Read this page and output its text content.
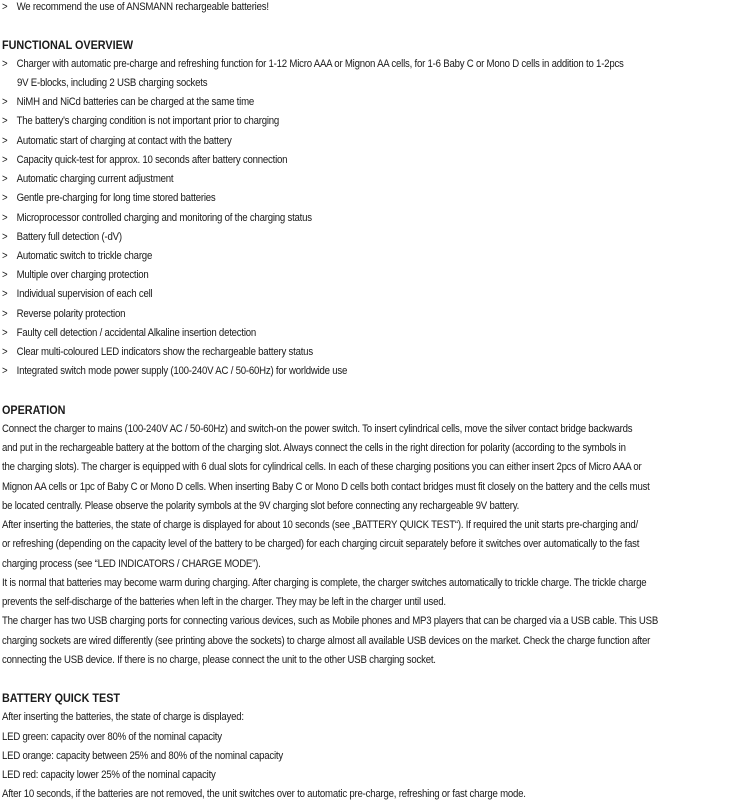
> We recommend the use of ANSMANN rechargeable batteries!
FUNCTIONAL OVERVIEW
> Charger with automatic pre-charge and refreshing function for 1-12 Micro AAA or Mignon AA cells, for 1-6 Baby C or Mono D cells in addition to 1-2pcs
9V E-blocks, including 2 USB charging sockets
> NiMH and NiCd batteries can be charged at the same time
> The battery’s charging condition is not important prior to charging
> Automatic start of charging at contact with the battery
> Capacity quick-test for approx. 10 seconds after battery connection
> Automatic charging current adjustment
> Gentle pre-charging for long time stored batteries
> Microprocessor controlled charging and monitoring of the charging status
> Battery full detection (-dV)
> Automatic switch to trickle charge
> Multiple over charging protection
> Individual supervision of each cell
> Reverse polarity protection
> Faulty cell detection / accidental Alkaline insertion detection
> Clear multi-coloured LED indicators show the rechargeable battery status
> Integrated switch mode power supply (100-240V AC / 50-60Hz) for worldwide use
OPERATION
Connect the charger to mains (100-240V AC / 50-60Hz) and switch-on the power switch. To insert cylindrical cells, move the silver contact bridge backwards
and put in the rechargeable battery at the bottom of the charging slot. Always connect the cells in the right direction for polarity (according to the symbols in
the charging slots). The charger is equipped with 6 dual slots for cylindrical cells. In each of these charging positions you can either insert 2pcs of Micro AAA or
Mignon AA cells or 1pc of Baby C or Mono D cells. When inserting Baby C or Mono D cells both contact bridges must fit closely on the battery and the cells must
be located centrally. Please observe the polarity symbols at the 9V charging slot before connecting any rechargeable 9V battery.
After inserting the batteries, the state of charge is displayed for about 10 seconds (see „BATTERY QUICK TEST“). If required the unit starts pre-charging and/
or refreshing (depending on the capacity level of the battery to be charged) for each charging circuit separately before it switches over automatically to the fast
charging process (see “LED INDICATORS / CHARGE MODE”).
It is normal that batteries may become warm during charging. After charging is complete, the charger switches automatically to trickle charge. The trickle charge
prevents the self-discharge of the batteries when left in the charger. They may be left in the charger until used.
The charger has two USB charging ports for connecting various devices, such as Mobile phones and MP3 players that can be charged via a USB cable. This USB
charging sockets are wired differently (see printing above the sockets) to charge almost all available USB devices on the market. Check the charge function after
connecting the USB device. If there is no charge, please connect the unit to the other USB charging socket.
BATTERY QUICK TEST
After inserting the batteries, the state of charge is displayed:
LED green: capacity over 80% of the nominal capacity
LED orange: capacity between 25% and 80% of the nominal capacity
LED red: capacity lower 25% of the nominal capacity
After 10 seconds, if the batteries are not removed, the unit switches over to automatic pre-charge, refreshing or fast charge mode.
